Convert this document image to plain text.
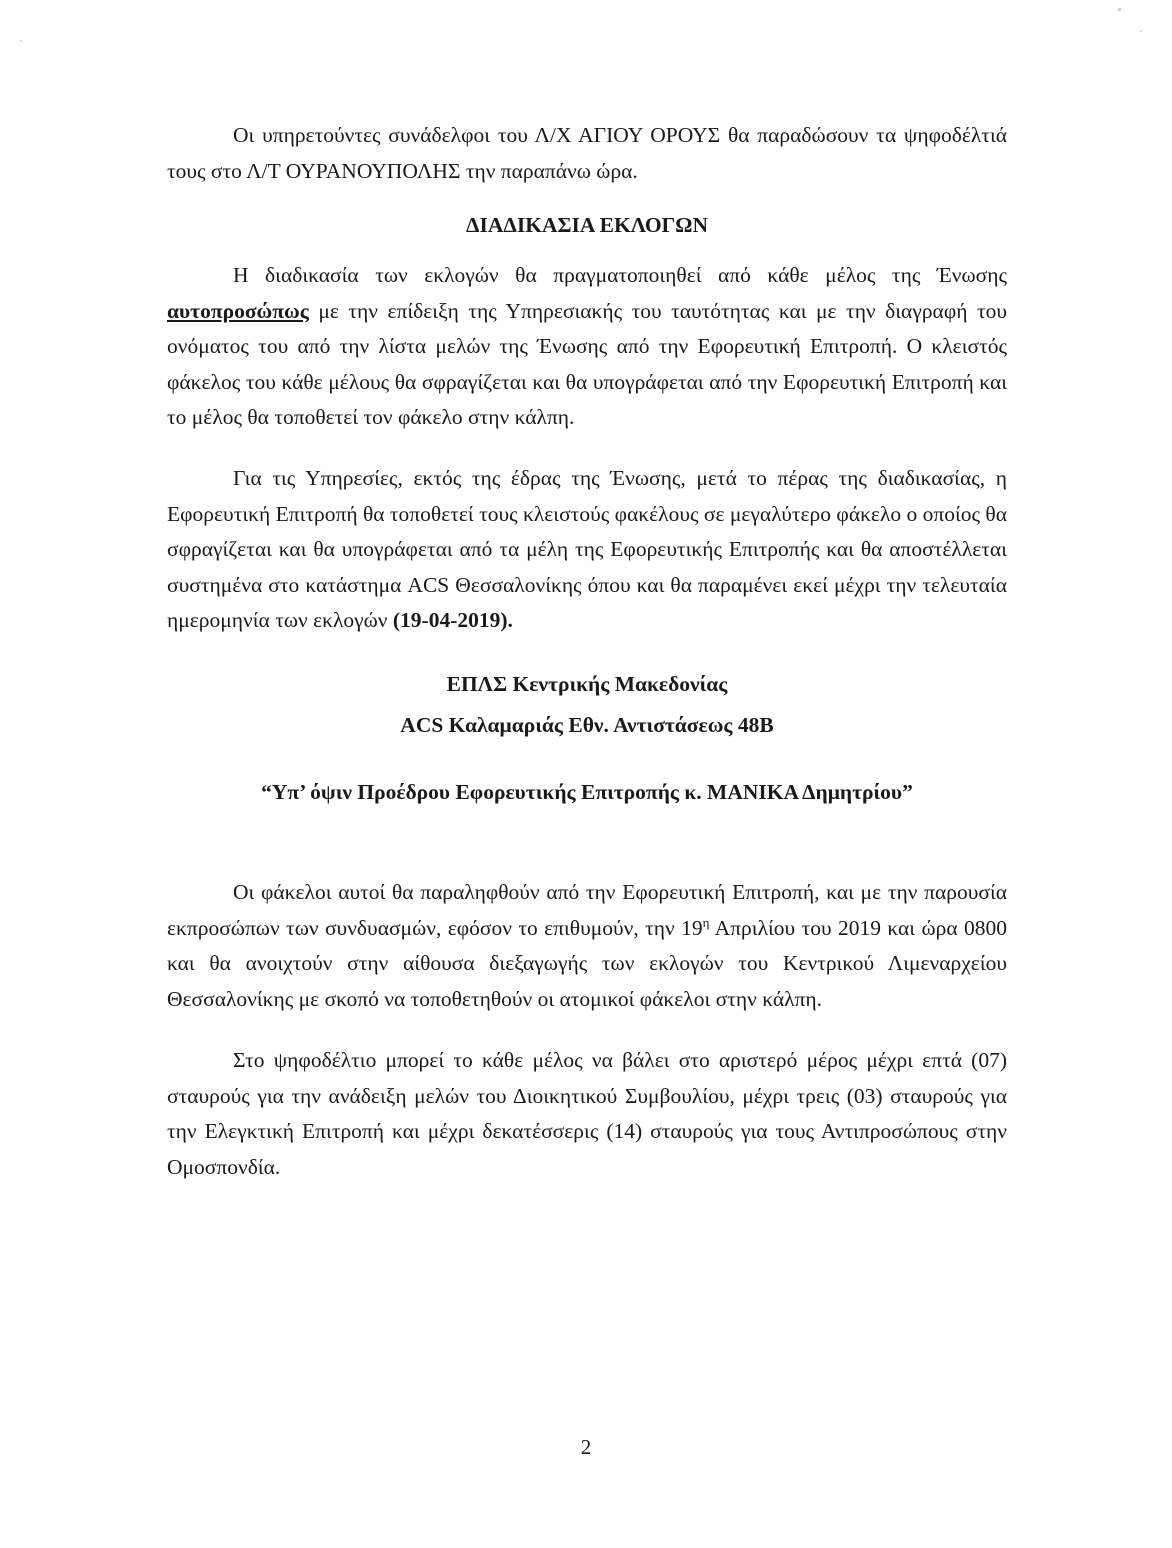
Οι υπηρετούντες συνάδελφοι του Λ/Χ ΑΓΙΟΥ ΟΡΟΥΣ θα παραδώσουν τα ψηφοδέλτιά τους στο Λ/Τ ΟΥΡΑΝΟΥΠΟΛΗΣ την παραπάνω ώρα.

ΔΙΑΔΙΚΑΣΙΑ ΕΚΛΟΓΩΝ

Η διαδικασία των εκλογών θα πραγματοποιηθεί από κάθε μέλος της Ένωσης αυτοπροσώπως με την επίδειξη της Υπηρεσιακής του ταυτότητας και με την διαγραφή του ονόματος του από την λίστα μελών της Ένωσης από την Εφορευτική Επιτροπή. Ο κλειστός φάκελος του κάθε μέλους θα σφραγίζεται και θα υπογράφεται από την Εφορευτική Επιτροπή και το μέλος θα τοποθετεί τον φάκελο στην κάλπη.

Για τις Υπηρεσίες, εκτός της έδρας της Ένωσης, μετά το πέρας της διαδικασίας, η Εφορευτική Επιτροπή θα τοποθετεί τους κλειστούς φακέλους σε μεγαλύτερο φάκελο ο οποίος θα σφραγίζεται και θα υπογράφεται από τα μέλη της Εφορευτικής Επιτροπής και θα αποστέλλεται συστημένα στο κατάστημα ACS Θεσσαλονίκης όπου και θα παραμένει εκεί μέχρι την τελευταία ημερομηνία των εκλογών (19-04-2019).

ΕΠΛΣ Κεντρικής Μακεδονίας
ACS Καλαμαριάς Εθν. Αντιστάσεως 48Β
“Υπ’ όψιν Προέδρου Εφορευτικής Επιτροπής κ. ΜΑΝΙΚΑ Δημητρίου”

Οι φάκελοι αυτοί θα παραληφθούν από την Εφορευτική Επιτροπή, και με την παρουσία εκπροσώπων των συνδυασμών, εφόσον το επιθυμούν, την $19^\eta$ Απριλίου του 2019 και ώρα 0800 και θα ανοιχτούν στην αίθουσα διεξαγωγής των εκλογών του Κεντρικού Λιμεναρχείου Θεσσαλονίκης με σκοπό να τοποθετηθούν οι ατομικοί φάκελοι στην κάλπη.

Στο ψηφοδέλτιο μπορεί το κάθε μέλος να βάλει στο αριστερό μέρος μέχρι επτά (07) σταυρούς για την ανάδειξη μελών του Διοικητικού Συμβουλίου, μέχρι τρεις (03) σταυρούς για την Ελεγκτική Επιτροπή και μέχρι δεκατέσσερις (14) σταυρούς για τους Αντιπροσώπους στην Ομοσπονδία.

2
